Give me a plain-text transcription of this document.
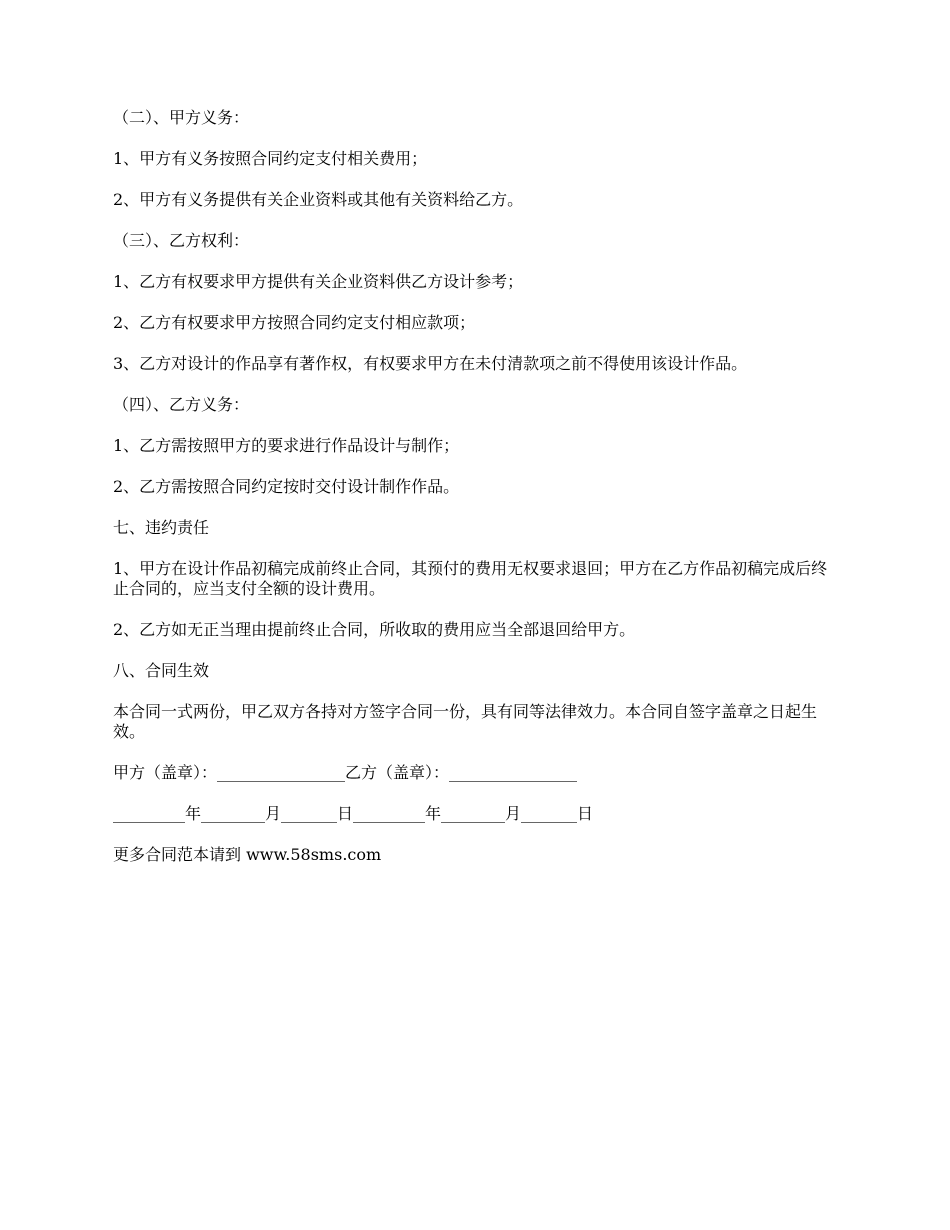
（二）、甲方义务：

1、甲方有义务按照合同约定支付相关费用；

2、甲方有义务提供有关企业资料或其他有关资料给乙方。

（三）、乙方权利：

1、乙方有权要求甲方提供有关企业资料供乙方设计参考；

2、乙方有权要求甲方按照合同约定支付相应款项；

3、乙方对设计的作品享有著作权，有权要求甲方在未付清款项之前不得使用该设计作品。

（四）、乙方义务：

1、乙方需按照甲方的要求进行作品设计与制作；

2、乙方需按照合同约定按时交付设计制作作品。

七、违约责任

1、甲方在设计作品初稿完成前终止合同，其预付的费用无权要求退回；甲方在乙方作品初稿完成后终止合同的，应当支付全额的设计费用。

2、乙方如无正当理由提前终止合同，所收取的费用应当全部退回给甲方。

八、合同生效

本合同一式两份，甲乙双方各持对方签字合同一份，具有同等法律效力。本合同自签字盖章之日起生效。

甲方（盖章）：________________乙方（盖章）：________________

_________年________月_______日_________年________月_______日

更多合同范本请到 www.58sms.com
